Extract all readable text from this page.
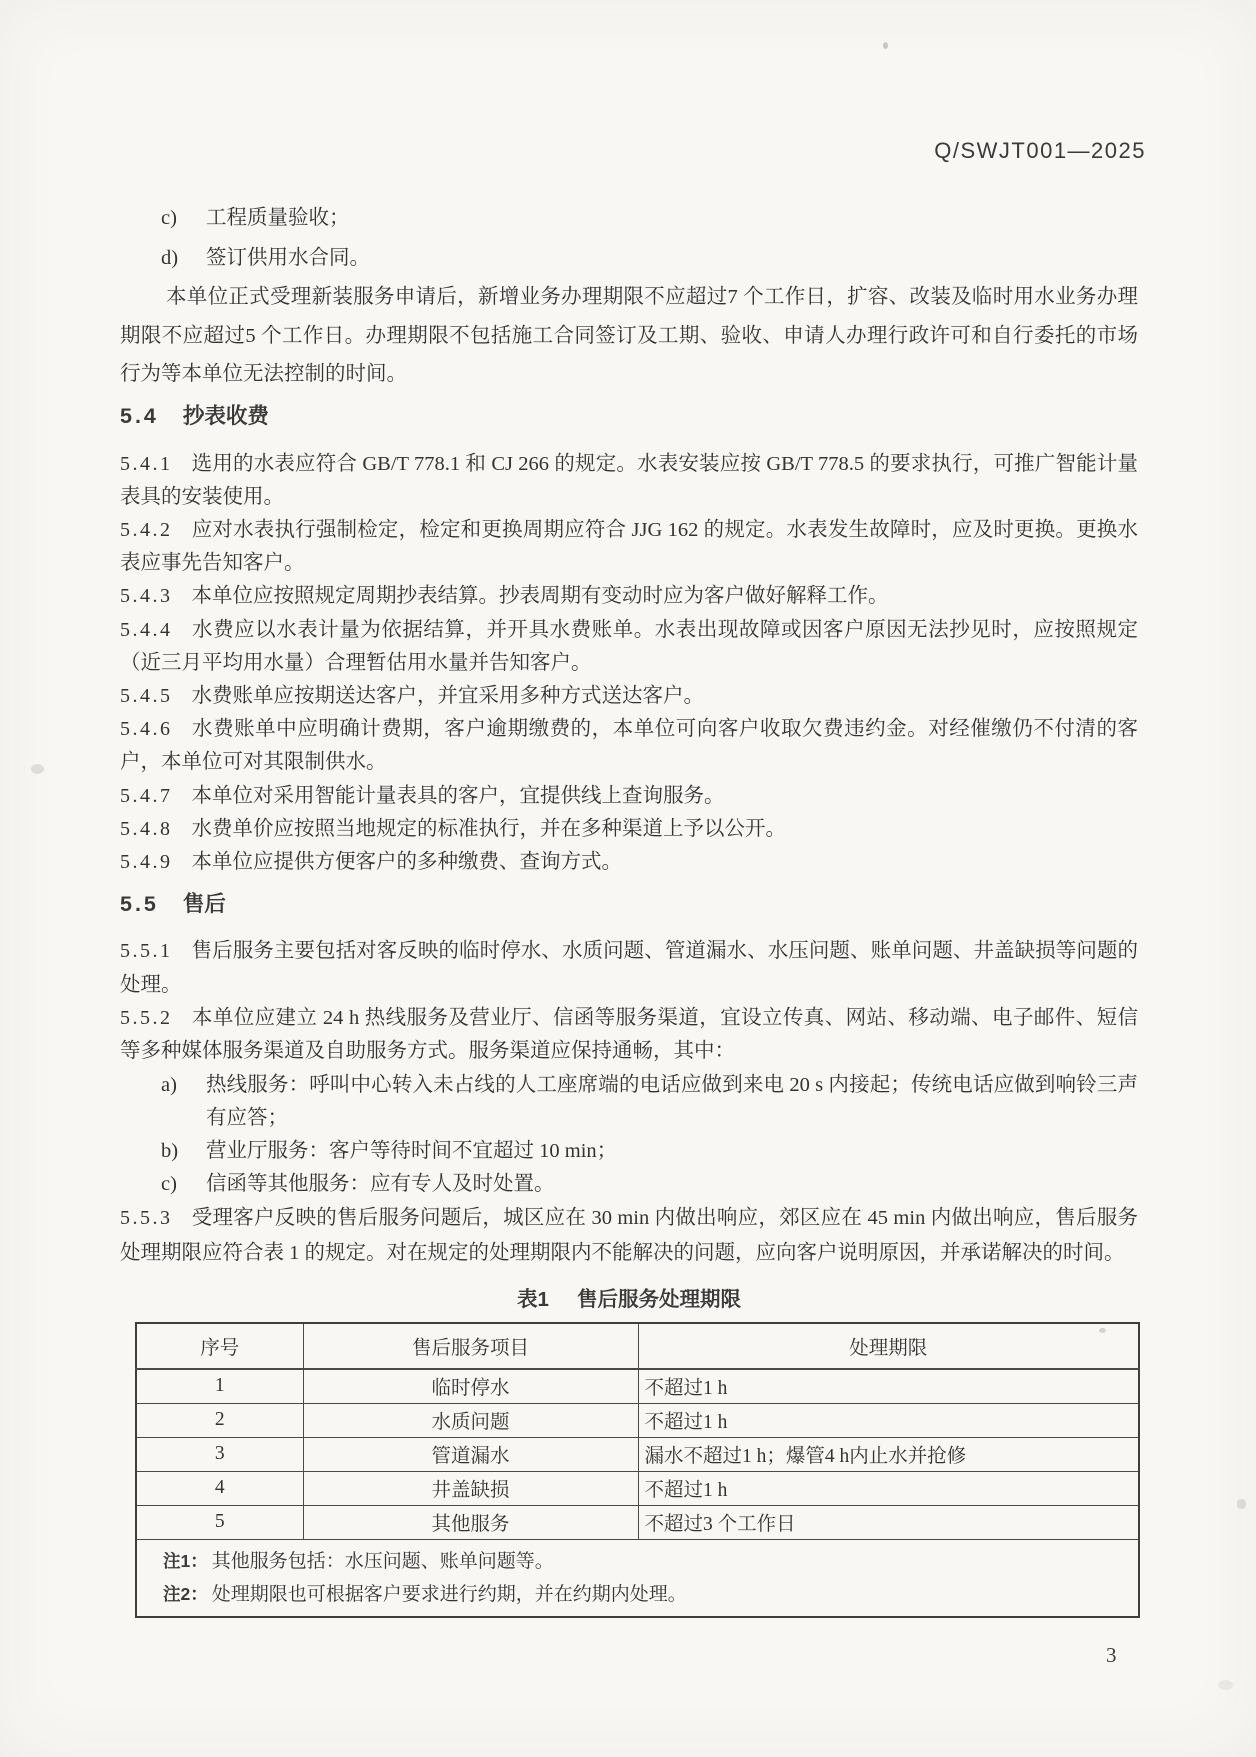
Q/SWJT001—2025
c) 工程质量验收；
d) 签订供用水合同。

本单位正式受理新装服务申请后，新增业务办理期限不应超过7 个工作日，扩容、改装及临时用水业务办理期限不应超过5 个工作日。办理期限不包括施工合同签订及工期、验收、申请人办理行政许可和自行委托的市场行为等本单位无法控制的时间。

5.4 抄表收费

5.4.1 选用的水表应符合 GB/T 778.1 和 CJ 266 的规定。水表安装应按 GB/T 778.5 的要求执行，可推广智能计量表具的安装使用。

5.4.2 应对水表执行强制检定，检定和更换周期应符合 JJG 162 的规定。水表发生故障时，应及时更换。更换水表应事先告知客户。

5.4.3 本单位应按照规定周期抄表结算。抄表周期有变动时应为客户做好解释工作。

5.4.4 水费应以水表计量为依据结算，并开具水费账单。水表出现故障或因客户原因无法抄见时，应按照规定（近三月平均用水量）合理暂估用水量并告知客户。

5.4.5 水费账单应按期送达客户，并宜采用多种方式送达客户。

5.4.6 水费账单中应明确计费期，客户逾期缴费的，本单位可向客户收取欠费违约金。对经催缴仍不付清的客户，本单位可对其限制供水。

5.4.7 本单位对采用智能计量表具的客户，宜提供线上查询服务。

5.4.8 水费单价应按照当地规定的标准执行，并在多种渠道上予以公开。

5.4.9 本单位应提供方便客户的多种缴费、查询方式。

5.5 售后

5.5.1 售后服务主要包括对客反映的临时停水、水质问题、管道漏水、水压问题、账单问题、井盖缺损等问题的处理。

5.5.2 本单位应建立 24 h 热线服务及营业厅、信函等服务渠道，宜设立传真、网站、移动端、电子邮件、短信等多种媒体服务渠道及自助服务方式。服务渠道应保持通畅，其中：

a) 热线服务：呼叫中心转入未占线的人工座席端的电话应做到来电 20 s 内接起；传统电话应做到响铃三声有应答；
b) 营业厅服务：客户等待时间不宜超过 10 min；
c) 信函等其他服务：应有专人及时处置。

5.5.3 受理客户反映的售后服务问题后，城区应在 30 min 内做出响应，郊区应在 45 min 内做出响应，售后服务处理期限应符合表 1 的规定。对在规定的处理期限内不能解决的问题，应向客户说明原因，并承诺解决的时间。

表1 售后服务处理期限

序号	售后服务项目	处理期限
1	临时停水	不超过1 h
2	水质问题	不超过1 h
3	管道漏水	漏水不超过1 h；爆管4 h内止水并抢修
4	井盖缺损	不超过1 h
5	其他服务	不超过3 个工作日

注1： 其他服务包括：水压问题、账单问题等。
注2： 处理期限也可根据客户要求进行约期，并在约期内处理。		
3
